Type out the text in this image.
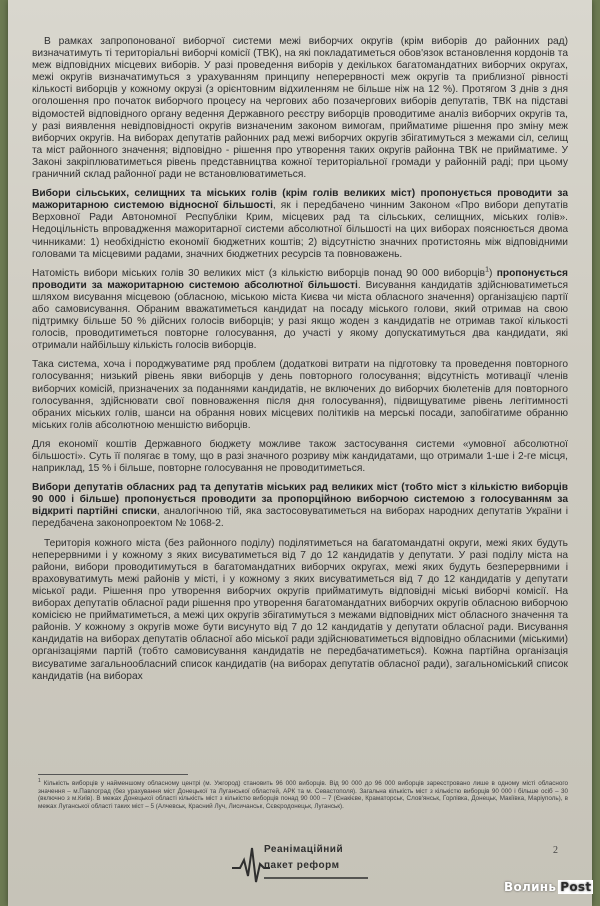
В рамках запропонованої виборчої системи межі виборчих округів (крім виборів до районних рад) визначатимуть ті територіальні виборчі комісії (ТВК), на які покладатиметься обов'язок встановлення кордонів та меж відповідних місцевих виборів. У разі проведення виборів у декількох багатомандатних виборчих округах, межі округів визначатимуться з урахуванням принципу неперервності меж округів та приблизної рівності кількості виборців у кожному окрузі (з орієнтовним відхиленням не більше ніж на 12 %). Протягом 3 днів з дня оголошення про початок виборчого процесу на чергових або позачергових виборів депутатів, ТВК на підставі відомостей відповідного органу ведення Державного реєстру виборців проводитиме аналіз виборчих округів та, у разі виявлення невідповідності округів визначеним законом вимогам, прийматиме рішення про зміну меж виборчих округів. На виборах депутатів районних рад межі виборчих округів збігатимуться з межами сіл, селищ та міст районного значення; відповідно - рішення про утворення таких округів районна ТВК не прийматиме. У Законі закріплюватиметься рівень представництва кожної територіальної громади у районній раді; при цьому граничний склад районної ради не встановлюватиметься.

Вибори сільських, селищних та міських голів (крім голів великих міст) пропонується проводити за мажоритарною системою відносної більшості, як і передбачено чинним Законом «Про вибори депутатів Верховної Ради Автономної Республіки Крим, місцевих рад та сільських, селищних, міських голів». Недоцільність впровадження мажоритарної системи абсолютної більшості на цих виборах пояснюється двома чинниками: 1) необхідністю економії бюджетних коштів; 2) відсутністю значних протистоянь між відповідними головами та місцевими радами, значних бюджетних ресурсів та повноважень.

Натомість вибори міських голів 30 великих міст (з кількістю виборців понад 90 000 виборців$^1$) пропонується проводити за мажоритарною системою абсолютної більшості. Висування кандидатів здійснюватиметься шляхом висування місцевою (обласною, міською міста Києва чи міста обласного значення) організацією партії або самовисування. Обраним вважатиметься кандидат на посаду міського голови, який отримав на свою підтримку більше 50 % дійсних голосів виборців; у разі якщо жоден з кандидатів не отримав такої кількості голосів, проводитиметься повторне голосування, до участі у якому допускатимуться два кандидати, які отримали найбільшу кількість голосів виборців.

Така система, хоча і породжуватиме ряд проблем (додаткові витрати на підготовку та проведення повторного голосування; низький рівень явки виборців у день повторного голосування; відсутність мотивації членів виборчих комісій, призначених за поданнями кандидатів, не включених до виборчих бюлетенів для повторного голосування, здійснювати свої повноваження після дня голосування), підвищуватиме рівень легітимності обраних міських голів, шанси на обрання нових місцевих політиків на мерські посади, запобігатиме обранню міських голів абсолютною меншістю виборців.

Для економії коштів Державного бюджету можливе також застосування системи «умовної абсолютної більшості». Суть її полягає в тому, що в разі значного розриву між кандидатами, що отримали 1-ше і 2-ге місця, наприклад, 15 % і більше, повторне голосування не проводитиметься.

Вибори депутатів обласних рад та депутатів міських рад великих міст (тобто міст з кількістю виборців 90 000 і більше) пропонується проводити за пропорційною виборчою системою з голосуванням за відкриті партійні списки, аналогічною тій, яка застосовуватиметься на виборах народних депутатів України і передбачена законопроектом № 1068-2.

Територія кожного міста (без районного поділу) поділятиметься на багатомандатні округи, межі яких будуть неперервними і у кожному з яких висуватиметься від 7 до 12 кандидатів у депутати. У разі поділу міста на райони, вибори проводитимуться в багатомандатних виборчих округах, межі яких будуть безперервними і враховуватимуть межі районів у місті, і у кожному з яких висуватиметься від 7 до 12 кандидатів у депутати міської ради. Рішення про утворення виборчих округів прийматимуть відповідні міські виборчі комісії. На виборах депутатів обласної ради рішення про утворення багатомандатних виборчих округів обласною виборчою комісією не прийматиметься, а межі цих округів збігатимуться з межами відповідних міст обласного значення та районів. У кожному з округів може бути висунуто від 7 до 12 кандидатів у депутати обласної ради. Висування кандидатів на виборах депутатів обласної або міської ради здійснюватиметься відповідно обласними (міськими) організаціями партій (тобто самовисування кандидатів не передбачатиметься). Кожна партійна організація висуватиме загальнообласний список кандидатів (на виборах депутатів обласної ради), загальноміський список кандидатів (на виборах

$^1$ Кількість виборців у найменшому обласному центрі (м. Ужгород) становить 96 000 виборців. Від 90 000 до 96 000 виборців зареєстровано лише в одному місті обласного значення – м.Павлоград (без урахування міст Донецької та Луганської областей, АРК та м. Севастополя). Загальна кількість міст з кількістю виборців 90 000 і більше осіб – 30 (включно з м.Київ). В межах Донецької області кількість міст з кількістю виборців понад 90 000 – 7 (Єнакієве, Краматорськ, Слов'янськ, Горлівка, Донецьк, Макіївка, Маріуполь), в межах Луганської області таких міст – 5 (Алчевськ, Красний Луч, Лисичанськ, Сєвєродонецьк, Луганськ).
Реанімаційний
пакет реформ
2
Волинь Post
